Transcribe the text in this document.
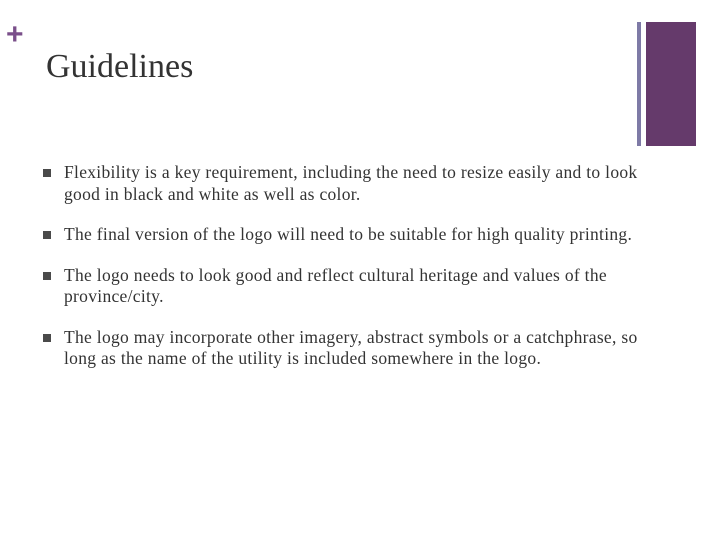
+
Guidelines
Flexibility is a key requirement, including the need to resize easily and to look good in black and white as well as color.
The final version of the logo will need to be suitable for high quality printing.
The logo needs to look good and reflect cultural heritage and values of the province/city.
The logo may incorporate other imagery, abstract symbols or a catchphrase, so long as the name of the utility is included somewhere in the logo.
